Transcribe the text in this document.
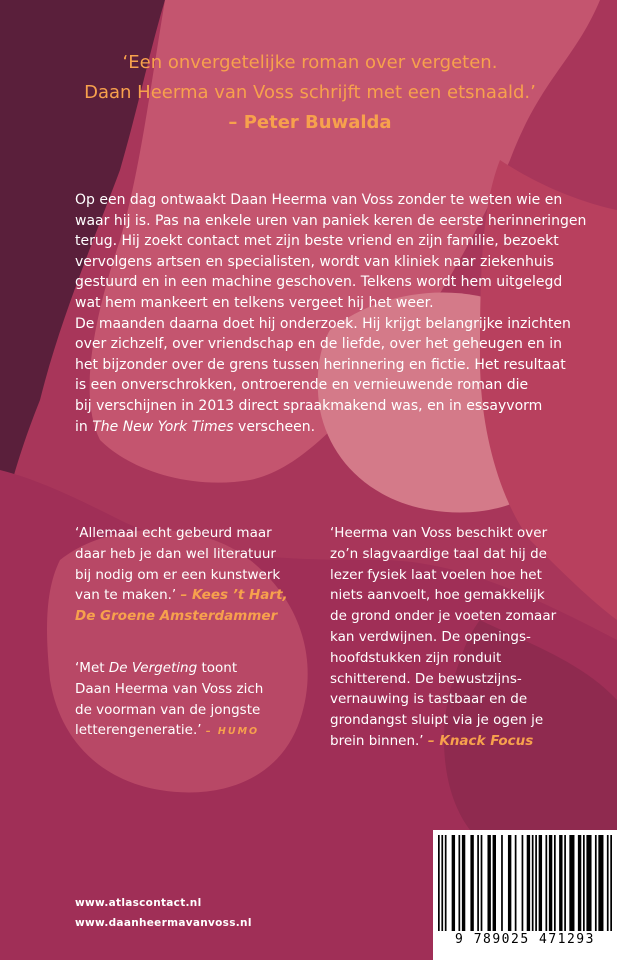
‘Een onvergetelijke roman over vergeten.
Daan Heerma van Voss schrijft met een etsnaald.’
– Peter Buwalda
Op een dag ontwaakt Daan Heerma van Voss zonder te weten wie en
waar hij is. Pas na enkele uren van paniek keren de eerste herinneringen
terug. Hij zoekt contact met zijn beste vriend en zijn familie, bezoekt
vervolgens artsen en specialisten, wordt van kliniek naar ziekenhuis
gestuurd en in een machine geschoven. Telkens wordt hem uitgelegd
wat hem mankeert en telkens vergeet hij het weer.
De maanden daarna doet hij onderzoek. Hij krijgt belangrijke inzichten
over zichzelf, over vriendschap en de liefde, over het geheugen en in
het bijzonder over de grens tussen herinnering en fictie. Het resultaat
is een onverschrokken, ontroerende en vernieuwende roman die
bij verschijnen in 2013 direct spraakmakend was, en in essayvorm
in The New York Times verscheen.
‘Allemaal echt gebeurd maar
daar heb je dan wel literatuur
bij nodig om er een kunstwerk
van te maken.’ – Kees ’t Hart,
De Groene Amsterdammer
‘Met De Vergeting toont
Daan Heerma van Voss zich
de voorman van de jongste
letterengeneratie.’ – HUMO
‘Heerma van Voss beschikt over
zo’n slagvaardige taal dat hij de
lezer fysiek laat voelen hoe het
niets aanvoelt, hoe gemakkelijk
de grond onder je voeten zomaar
kan verdwijnen. De openings-
hoofdstukken zijn ronduit
schitterend. De bewustzijns-
vernauwing is tastbaar en de
grondangst sluipt via je ogen je
brein binnen.’ – Knack Focus
www.atlascontact.nl
www.daanheermavanvoss.nl
9 789025 471293
